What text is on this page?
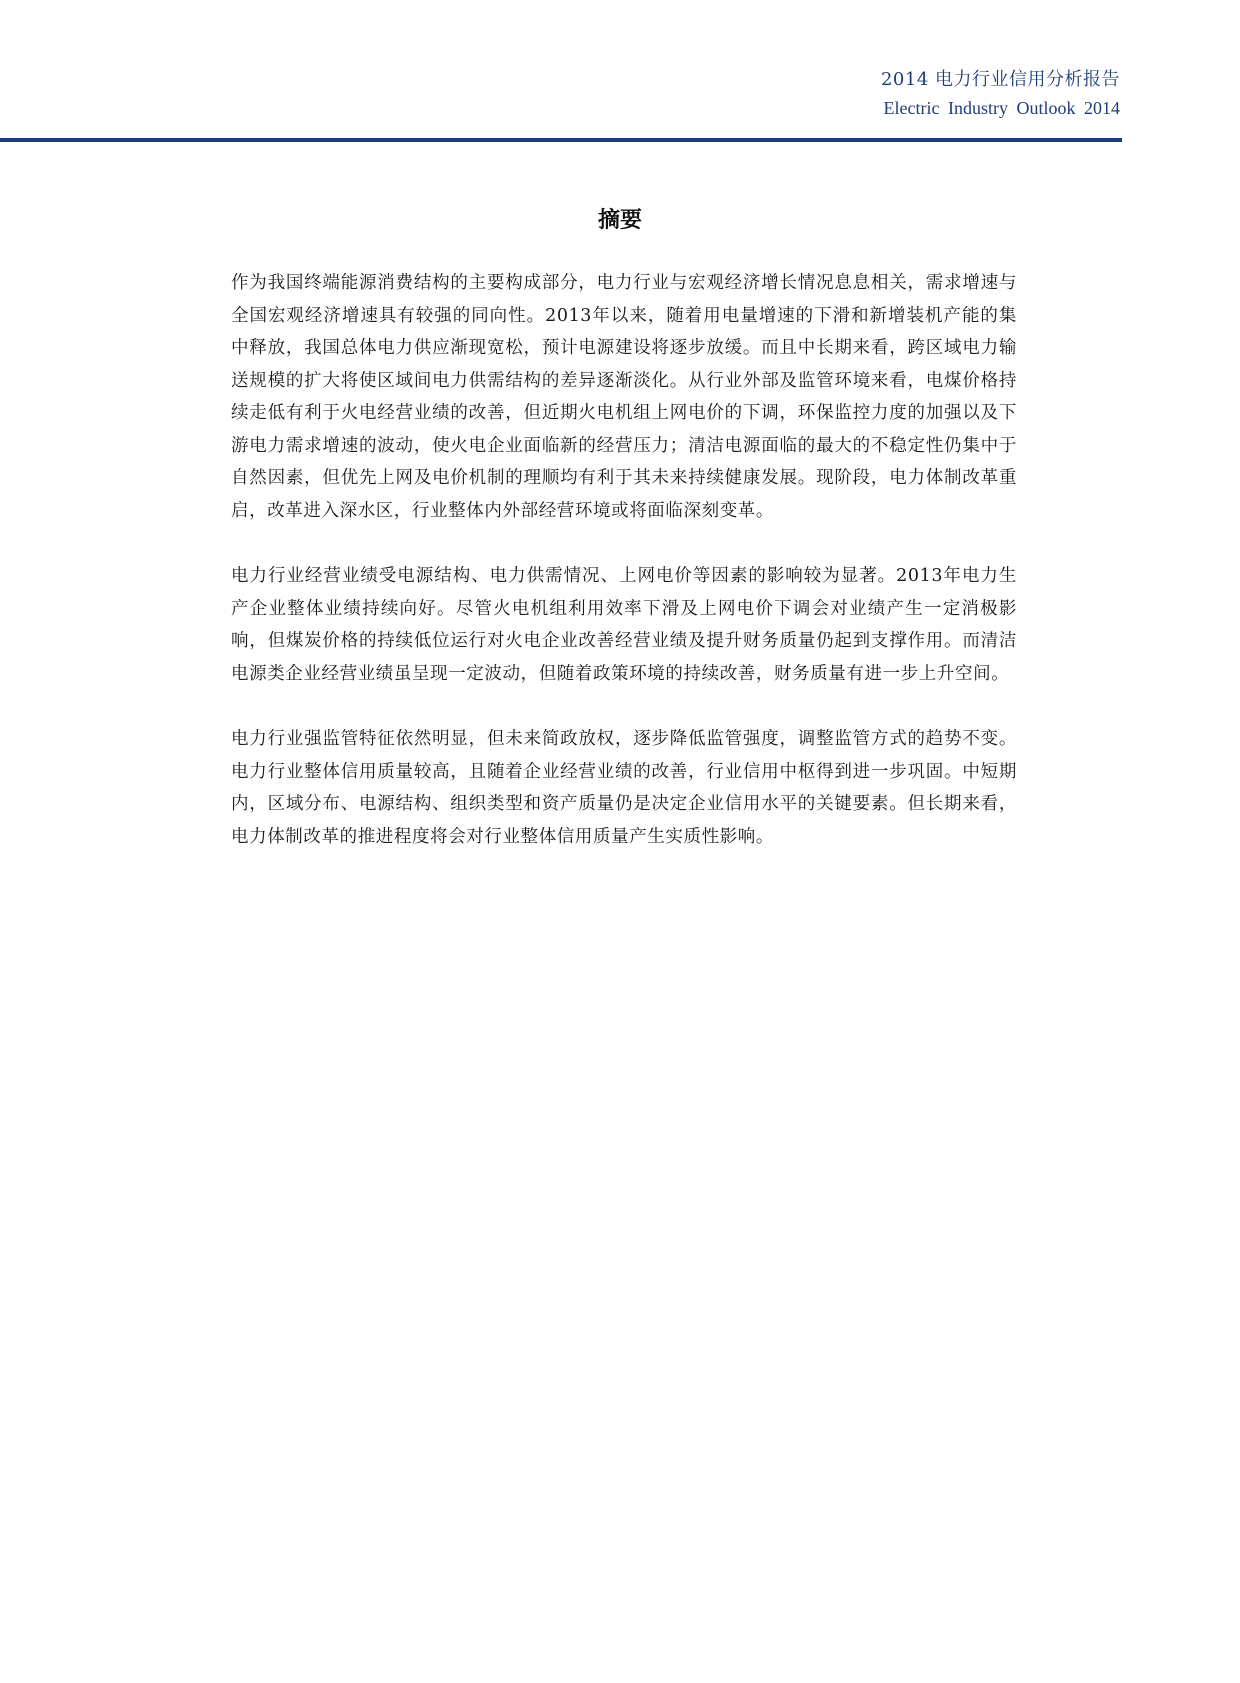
2014 电力行业信用分析报告
Electric Industry Outlook 2014
摘要

作为我国终端能源消费结构的主要构成部分，电力行业与宏观经济增长情况息息相关，需求增速与全国宏观经济增速具有较强的同向性。2013年以来，随着用电量增速的下滑和新增装机产能的集中释放，我国总体电力供应渐现宽松，预计电源建设将逐步放缓。而且中长期来看，跨区域电力输送规模的扩大将使区域间电力供需结构的差异逐渐淡化。从行业外部及监管环境来看，电煤价格持续走低有利于火电经营业绩的改善，但近期火电机组上网电价的下调，环保监控力度的加强以及下游电力需求增速的波动，使火电企业面临新的经营压力；清洁电源面临的最大的不稳定性仍集中于自然因素，但优先上网及电价机制的理顺均有利于其未来持续健康发展。现阶段，电力体制改革重启，改革进入深水区，行业整体内外部经营环境或将面临深刻变革。

电力行业经营业绩受电源结构、电力供需情况、上网电价等因素的影响较为显著。2013年电力生产企业整体业绩持续向好。尽管火电机组利用效率下滑及上网电价下调会对业绩产生一定消极影响，但煤炭价格的持续低位运行对火电企业改善经营业绩及提升财务质量仍起到支撑作用。而清洁电源类企业经营业绩虽呈现一定波动，但随着政策环境的持续改善，财务质量有进一步上升空间。

电力行业强监管特征依然明显，但未来简政放权，逐步降低监管强度，调整监管方式的趋势不变。电力行业整体信用质量较高，且随着企业经营业绩的改善，行业信用中枢得到进一步巩固。中短期内，区域分布、电源结构、组织类型和资产质量仍是决定企业信用水平的关键要素。但长期来看，电力体制改革的推进程度将会对行业整体信用质量产生实质性影响。
